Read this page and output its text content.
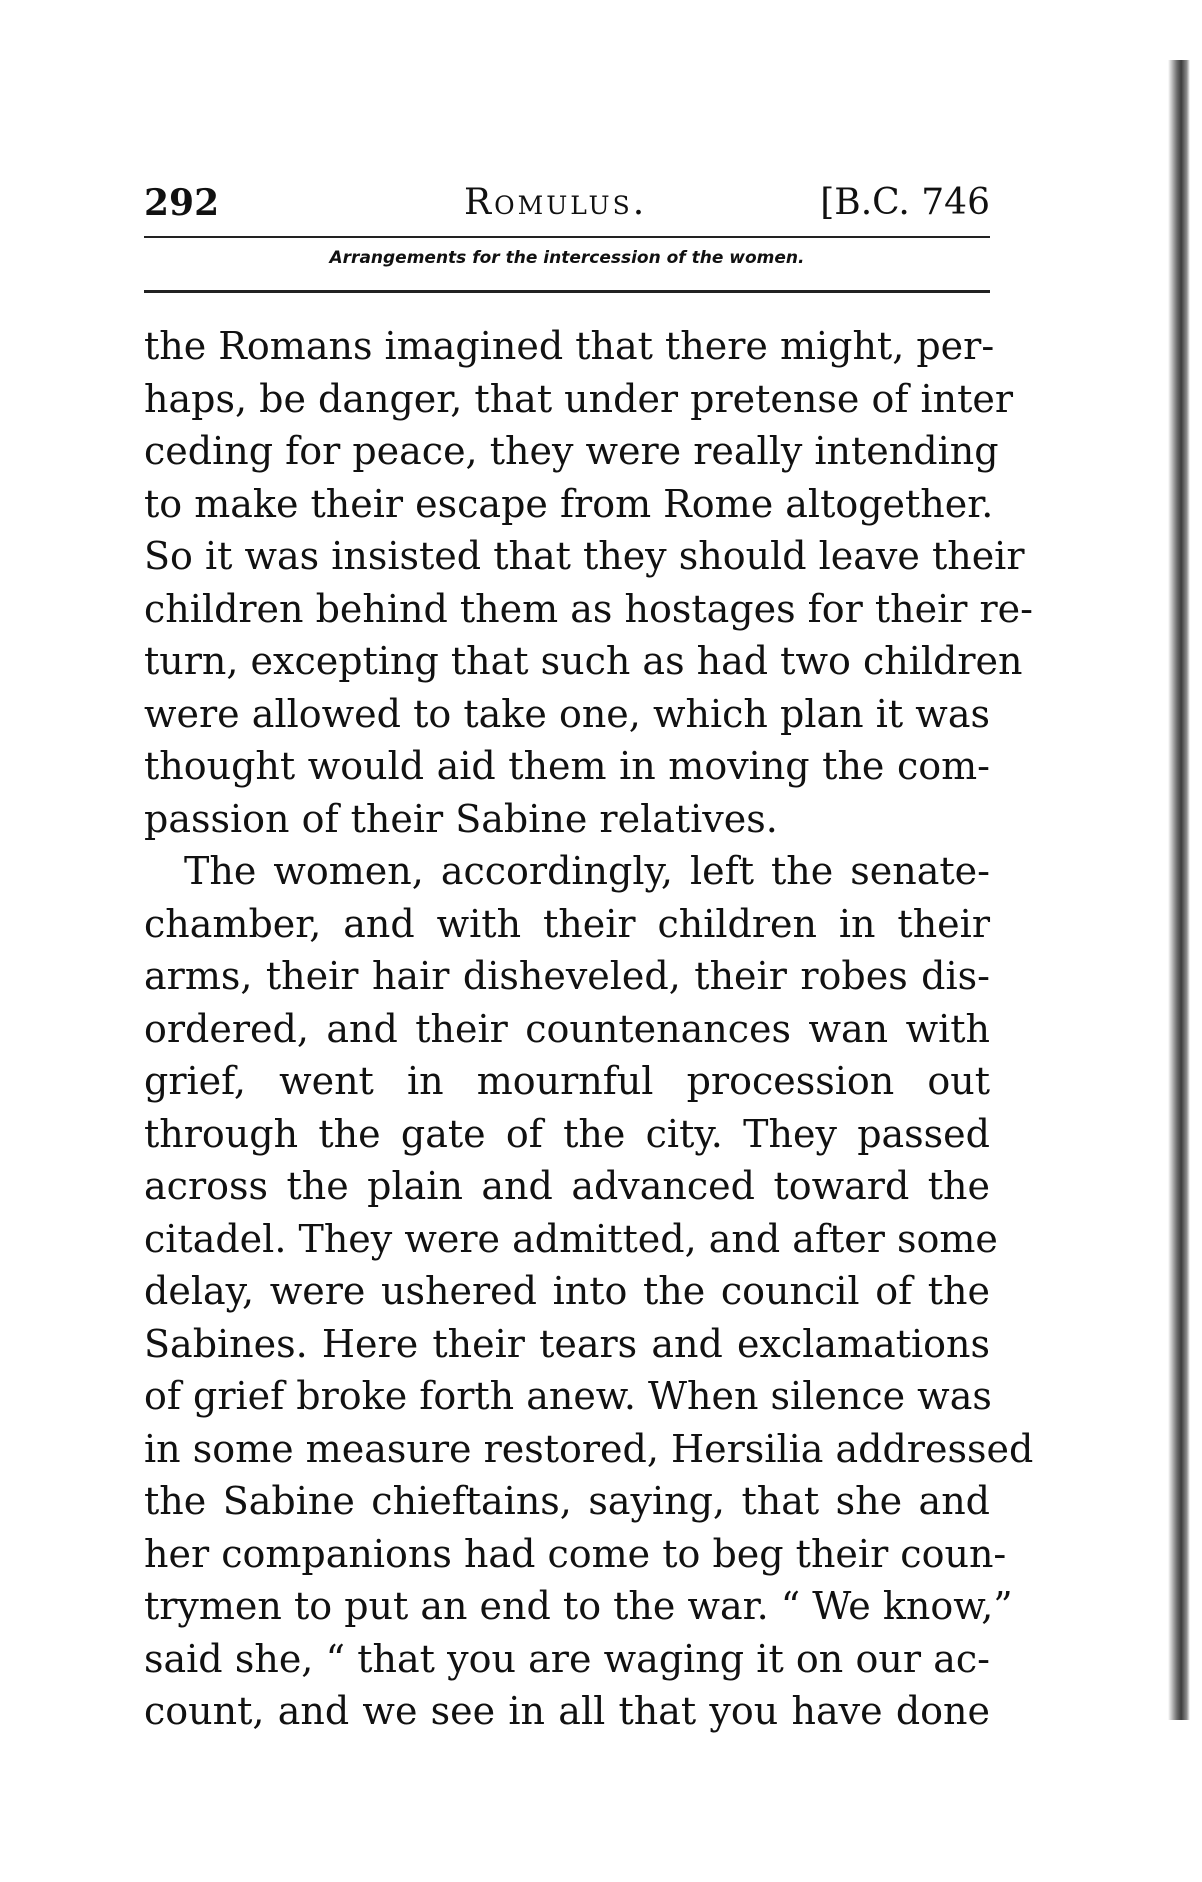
292	Romulus.	[B.C. 746
Arrangements for the intercession of the women.
the Romans imagined that there might, per-
haps, be danger, that under pretense of inter
ceding for peace, they were really intending
to make their escape from Rome altogether.
So it was insisted that they should leave their
children behind them as hostages for their re-
turn, excepting that such as had two children
were allowed to take one, which plan it was
thought would aid them in moving the com-
passion of their Sabine relatives.
The women, accordingly, left the senate-
chamber, and with their children in their
arms, their hair disheveled, their robes dis-
ordered, and their countenances wan with
grief, went in mournful procession out
through the gate of the city. They passed
across the plain and advanced toward the
citadel. They were admitted, and after some
delay, were ushered into the council of the
Sabines. Here their tears and exclamations
of grief broke forth anew. When silence was
in some measure restored, Hersilia addressed
the Sabine chieftains, saying, that she and
her companions had come to beg their coun-
trymen to put an end to the war. “ We know,”
said she, “ that you are waging it on our ac-
count, and we see in all that you have done
